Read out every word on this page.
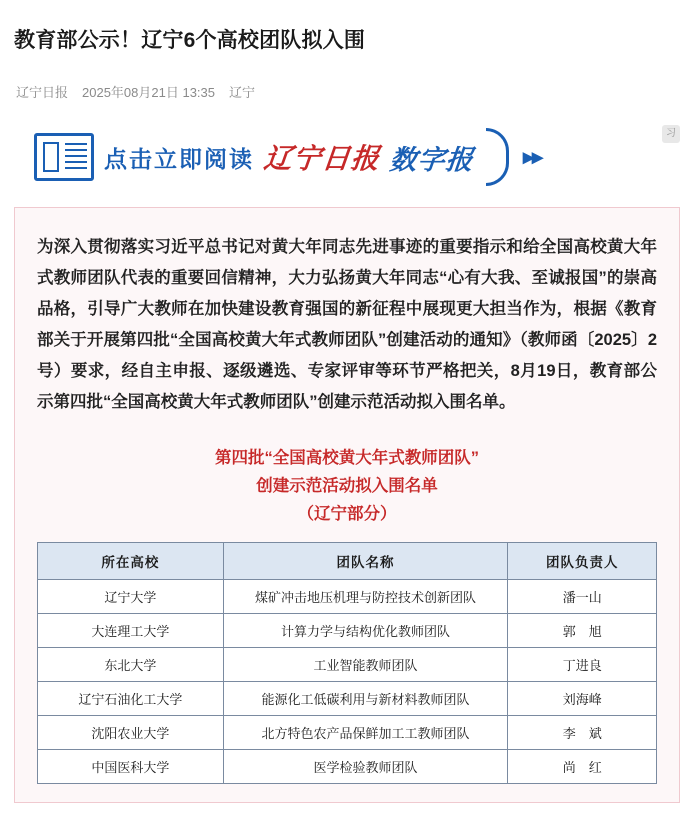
教育部公示！辽宁6个高校团队拟入围
辽宁日报 2025年08月21日 13:35 辽宁
点击立即阅读 辽宁日报 数字报 ▸▸
习

为深入贯彻落实习近平总书记对黄大年同志先进事迹的重要指示和给全国高校黄大年式教师团队代表的重要回信精神，大力弘扬黄大年同志“心有大我、至诚报国”的崇高品格，引导广大教师在加快建设教育强国的新征程中展现更大担当作为，根据《教育部关于开展第四批“全国高校黄大年式教师团队”创建活动的通知》（教师函〔2025〕2号）要求，经自主申报、逐级遴选、专家评审等环节严格把关，8月19日，教育部公示第四批“全国高校黄大年式教师团队”创建示范活动拟入围名单。

第四批“全国高校黄大年式教师团队”
创建示范活动拟入围名单
（辽宁部分）
所在高校	团队名称	团队负责人
辽宁大学	煤矿冲击地压机理与防控技术创新团队	潘一山
大连理工大学	计算力学与结构优化教师团队	郭　旭
东北大学	工业智能教师团队	丁进良
辽宁石油化工大学	能源化工低碳利用与新材料教师团队	刘海峰
沈阳农业大学	北方特色农产品保鲜加工工教师团队	李　斌
中国医科大学	医学检验教师团队	尚　红
